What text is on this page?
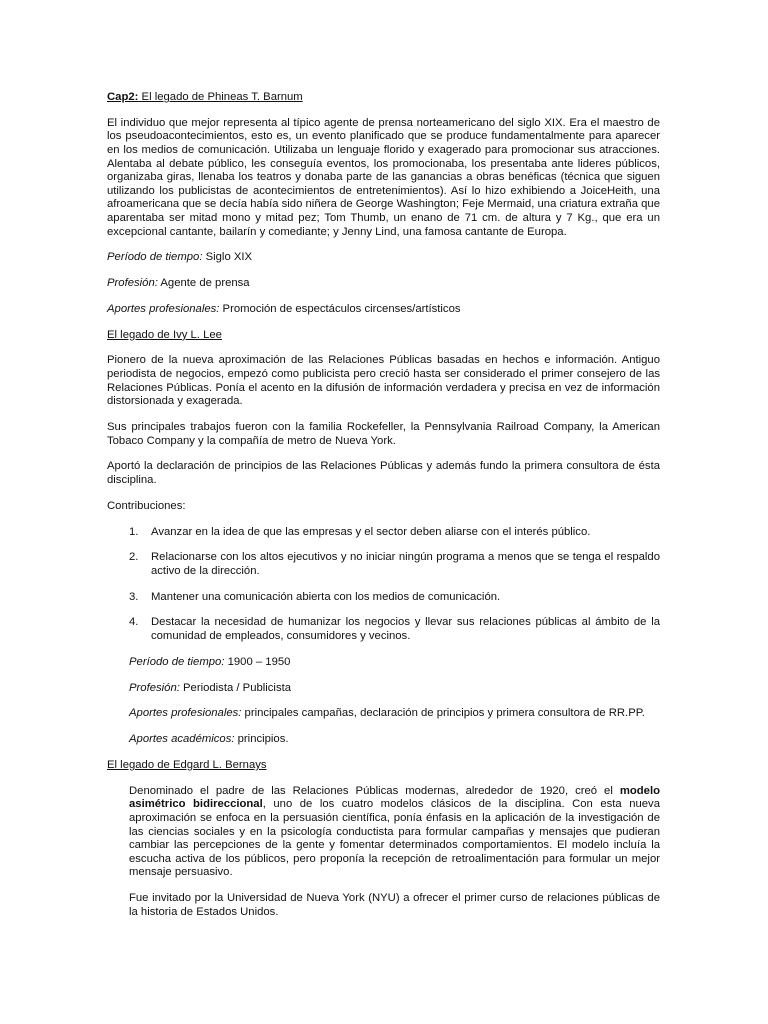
Cap2: El legado de Phineas T. Barnum

El individuo que mejor representa al típico agente de prensa norteamericano del siglo XIX. Era el maestro de los pseudoacontecimientos, esto es, un evento planificado que se produce fundamentalmente para aparecer en los medios de comunicación. Utilizaba un lenguaje florido y exagerado para promocionar sus atracciones. Alentaba al debate público, les conseguía eventos, los promocionaba, los presentaba ante lideres públicos, organizaba giras, llenaba los teatros y donaba parte de las ganancias a obras benéficas (técnica que siguen utilizando los publicistas de acontecimientos de entretenimientos). Así lo hizo exhibiendo a JoiceHeith, una afroamericana que se decía había sido niñera de George Washington; Feje Mermaid, una criatura extraña que aparentaba ser mitad mono y mitad pez; Tom Thumb, un enano de 71 cm. de altura y 7 Kg., que era un excepcional cantante, bailarín y comediante; y Jenny Lind, una famosa cantante de Europa.

Período de tiempo: Siglo XIX

Profesión: Agente de prensa

Aportes profesionales: Promoción de espectáculos circenses/artísticos

El legado de Ivy L. Lee

Pionero de la nueva aproximación de las Relaciones Públicas basadas en hechos e información. Antiguo periodista de negocios, empezó como publicista pero creció hasta ser considerado el primer consejero de las Relaciones Públicas. Ponía el acento en la difusión de información verdadera y precisa en vez de información distorsionada y exagerada.

Sus principales trabajos fueron con la familia Rockefeller, la Pennsylvania Railroad Company, la American Tobaco Company y la compañía de metro de Nueva York.

Aportó la declaración de principios de las Relaciones Públicas y además fundo la primera consultora de ésta disciplina.

Contribuciones:

1. Avanzar en la idea de que las empresas y el sector deben aliarse con el interés público.
2. Relacionarse con los altos ejecutivos y no iniciar ningún programa a menos que se tenga el respaldo activo de la dirección.
3. Mantener una comunicación abierta con los medios de comunicación.
4. Destacar la necesidad de humanizar los negocios y llevar sus relaciones públicas al ámbito de la comunidad de empleados, consumidores y vecinos.

Período de tiempo: 1900 – 1950

Profesión: Periodista / Publicista

Aportes profesionales: principales campañas, declaración de principios y primera consultora de RR.PP.

Aportes académicos: principios.

El legado de Edgard L. Bernays

Denominado el padre de las Relaciones Públicas modernas, alrededor de 1920, creó el modelo asimétrico bidireccional, uno de los cuatro modelos clásicos de la disciplina. Con esta nueva aproximación se enfoca en la persuasión científica, ponía énfasis en la aplicación de la investigación de las ciencias sociales y en la psicología conductista para formular campañas y mensajes que pudieran cambiar las percepciones de la gente y fomentar determinados comportamientos. El modelo incluía la escucha activa de los públicos, pero proponía la recepción de retroalimentación para formular un mejor mensaje persuasivo.

Fue invitado por la Universidad de Nueva York (NYU) a ofrecer el primer curso de relaciones públicas de la historia de Estados Unidos.
